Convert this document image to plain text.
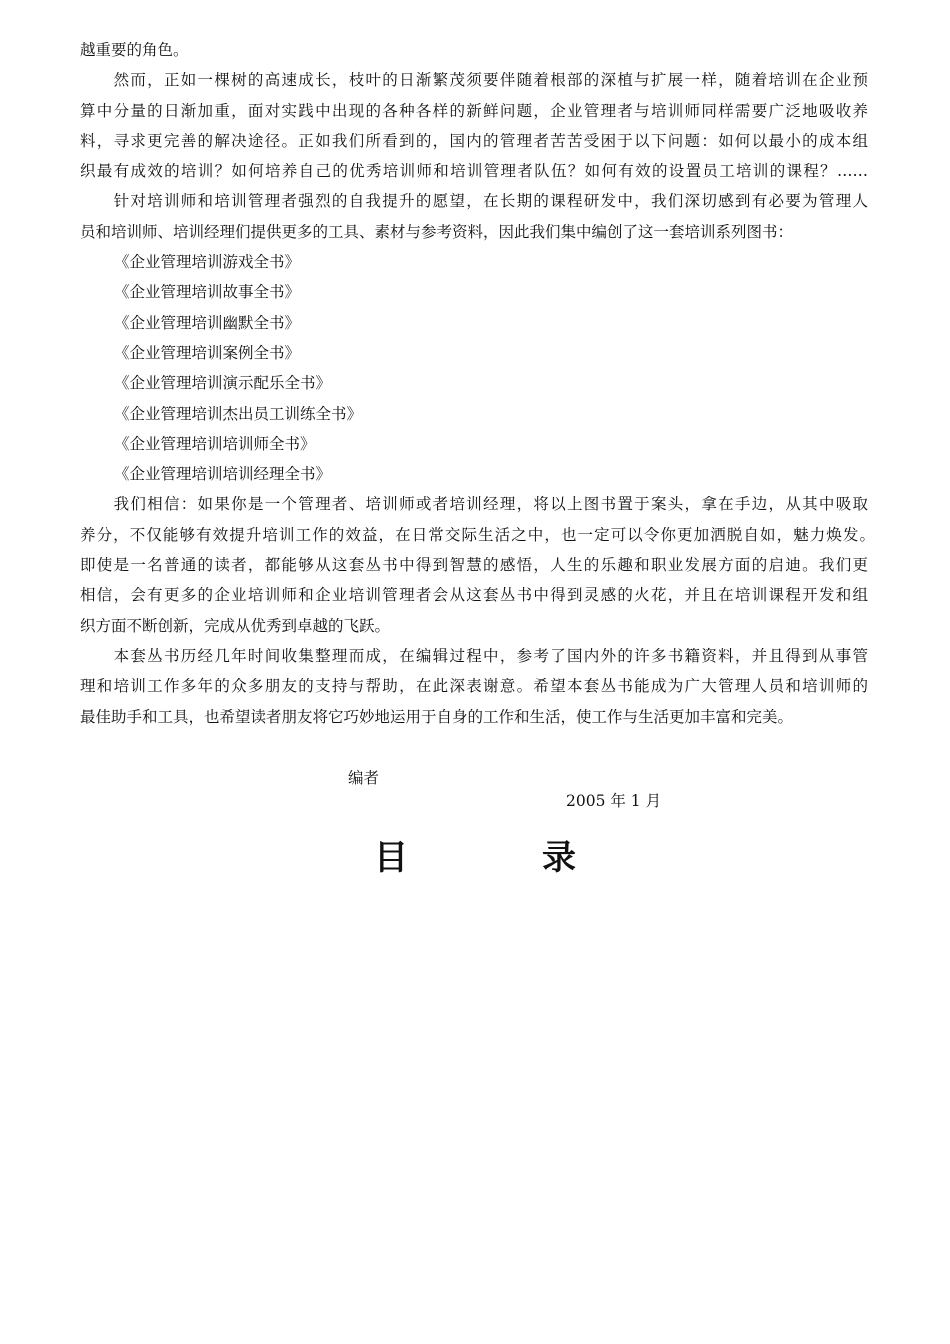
越重要的角色。
　　然而，正如一棵树的高速成长，枝叶的日渐繁茂须要伴随着根部的深植与扩展一样，随着培训在企业预
算中分量的日渐加重，面对实践中出现的各种各样的新鲜问题，企业管理者与培训师同样需要广泛地吸收养
料，寻求更完善的解决途径。正如我们所看到的，国内的管理者苦苦受困于以下问题：如何以最小的成本组
织最有成效的培训？如何培养自己的优秀培训师和培训管理者队伍？如何有效的设置员工培训的课程？……
　　针对培训师和培训管理者强烈的自我提升的愿望，在长期的课程研发中，我们深切感到有必要为管理人
员和培训师、培训经理们提供更多的工具、素材与参考资料，因此我们集中编创了这一套培训系列图书：
《企业管理培训游戏全书》
《企业管理培训故事全书》
《企业管理培训幽默全书》
《企业管理培训案例全书》
《企业管理培训演示配乐全书》
《企业管理培训杰出员工训练全书》
《企业管理培训培训师全书》
《企业管理培训培训经理全书》
　　我们相信：如果你是一个管理者、培训师或者培训经理，将以上图书置于案头，拿在手边，从其中吸取
养分，不仅能够有效提升培训工作的效益，在日常交际生活之中，也一定可以令你更加洒脱自如，魅力焕发。
即使是一名普通的读者，都能够从这套丛书中得到智慧的感悟，人生的乐趣和职业发展方面的启迪。我们更
相信，会有更多的企业培训师和企业培训管理者会从这套丛书中得到灵感的火花，并且在培训课程开发和组
织方面不断创新，完成从优秀到卓越的飞跃。
　　本套丛书历经几年时间收集整理而成，在编辑过程中，参考了国内外的许多书籍资料，并且得到从事管
理和培训工作多年的众多朋友的支持与帮助，在此深表谢意。希望本套丛书能成为广大管理人员和培训师的
最佳助手和工具，也希望读者朋友将它巧妙地运用于自身的工作和生活，使工作与生活更加丰富和完美。
编者
2005 年 1 月
目　录
